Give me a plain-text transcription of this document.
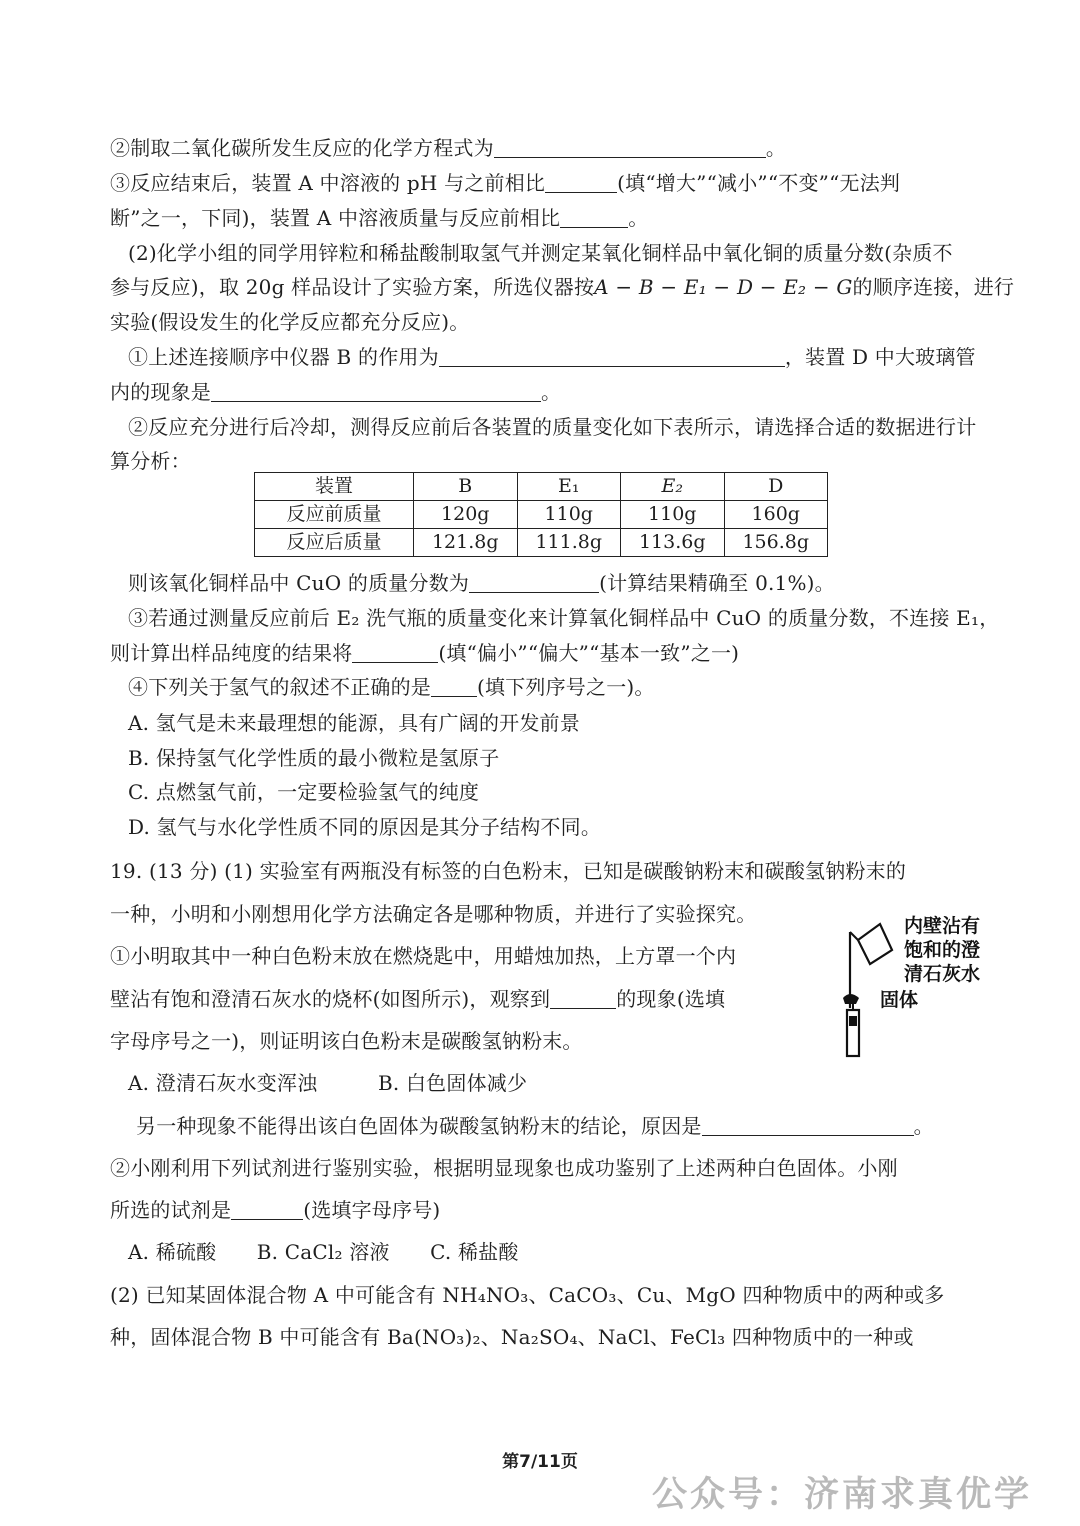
②制取二氧化碳所发生反应的化学方程式为	。
③反应结束后，装置 A 中溶液的 pH 与之前相比	(填“增大”“减小”“不变”“无法判
断”之一，下同)，装置 A 中溶液质量与反应前相比	。
(2)化学小组的同学用锌粒和稀盐酸制取氢气并测定某氧化铜样品中氧化铜的质量分数(杂质不
参与反应)，取 20g 样品设计了实验方案，所选仪器按A − B − E₁ − D − E₂ − G的顺序连接，进行
实验(假设发生的化学反应都充分反应)。
①上述连接顺序中仪器 B 的作用为	，装置 D 中大玻璃管
内的现象是	。
②反应充分进行后冷却，测得反应前后各装置的质量变化如下表所示，请选择合适的数据进行计
算分析：
装置	B	E₁	E₂	D
反应前质量	120g	110g	110g	160g
反应后质量	121.8g	111.8g	113.6g	156.8g
则该氧化铜样品中 CuO 的质量分数为	(计算结果精确至 0.1%)。
③若通过测量反应前后 E₂ 洗气瓶的质量变化来计算氧化铜样品中 CuO 的质量分数，不连接 E₁，
则计算出样品纯度的结果将	(填“偏小”“偏大”“基本一致”之一)
④下列关于氢气的叙述不正确的是 (填下列序号之一)。
A. 氢气是未来最理想的能源，具有广阔的开发前景
B. 保持氢气化学性质的最小微粒是氢原子
C. 点燃氢气前，一定要检验氢气的纯度
D. 氢气与水化学性质不同的原因是其分子结构不同。
19. (13 分) (1) 实验室有两瓶没有标签的白色粉末，已知是碳酸钠粉末和碳酸氢钠粉末的
一种，小明和小刚想用化学方法确定各是哪种物质，并进行了实验探究。
①小明取其中一种白色粉末放在燃烧匙中，用蜡烛加热，上方罩一个内
壁沾有饱和澄清石灰水的烧杯(如图所示)，观察到	的现象(选填
字母序号之一)，则证明该白色粉末是碳酸氢钠粉末。
A. 澄清石灰水变浑浊　　　B. 白色固体减少
另一种现象不能得出该白色固体为碳酸氢钠粉末的结论，原因是	。
②小刚利用下列试剂进行鉴别实验，根据明显现象也成功鉴别了上述两种白色固体。小刚
所选的试剂是	(选填字母序号)
A. 稀硫酸　　B. CaCl₂ 溶液　　C. 稀盐酸
(2) 已知某固体混合物 A 中可能含有 NH₄NO₃、CaCO₃、Cu、MgO 四种物质中的两种或多
种，固体混合物 B 中可能含有 Ba(NO₃)₂、Na₂SO₄、NaCl、FeCl₃ 四种物质中的一种或
内壁沾有
饱和的澄
清石灰水
固体
第7/11页
公众号：济南求真优学
